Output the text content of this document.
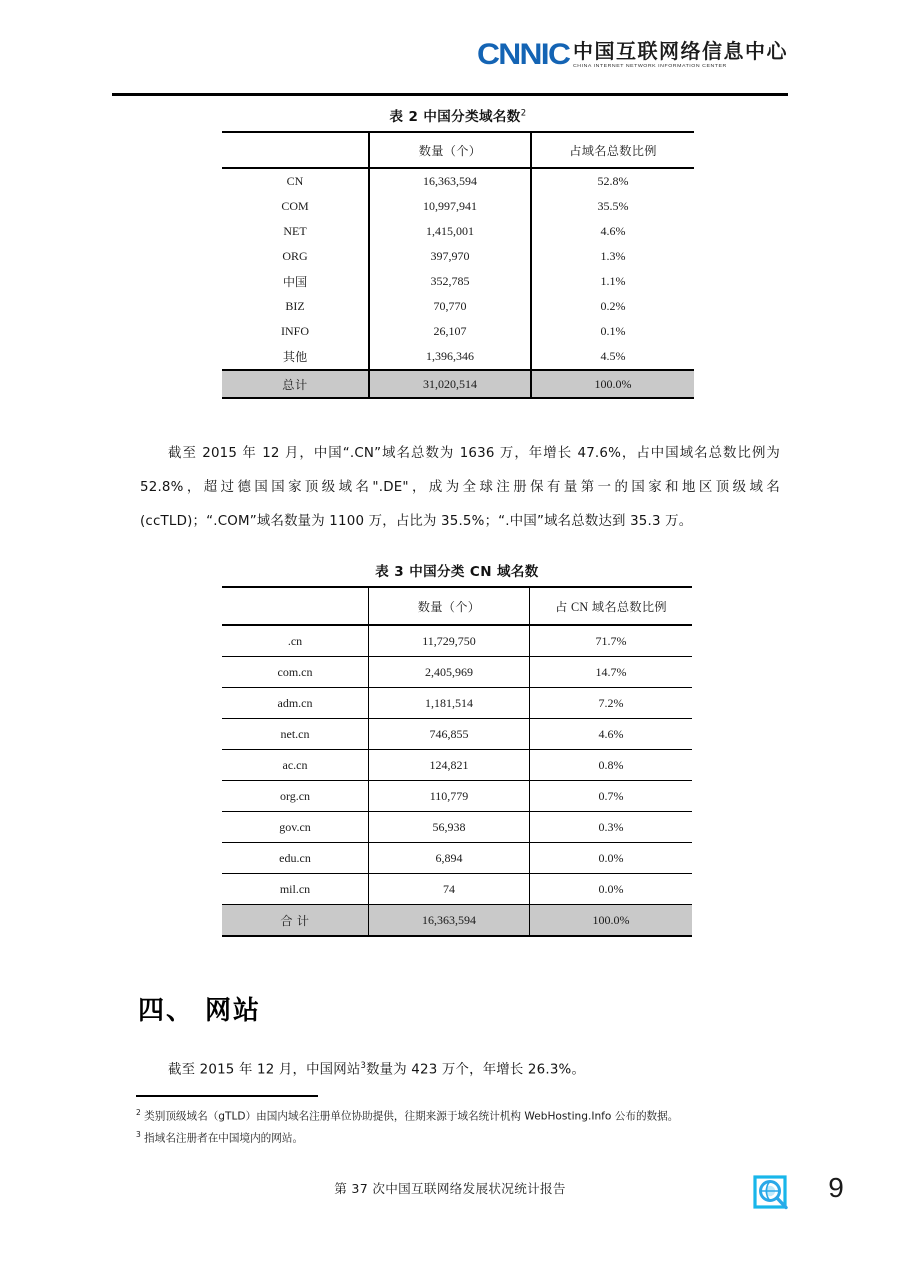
CNNIC 中国互联网络信息中心
CHINA INTERNET NETWORK INFORMATION CENTER
表 2 中国分类域名数$^2$
	数量（个）	占域名总数比例
CN	16,363,594	52.8%
COM	10,997,941	35.5%
NET	1,415,001	4.6%
ORG	397,970	1.3%
中国	352,785	1.1%
BIZ	70,770	0.2%
INFO	26,107	0.1%
其他	1,396,346	4.5%
总计	31,020,514	100.0%

截至 2015 年 12 月，中国“.CN”域名总数为 1636 万，年增长 47.6%，占中国域名总数比例为 52.8%，超过德国国家顶级域名".DE"，成为全球注册保有量第一的国家和地区顶级域名(ccTLD)；“.COM”域名数量为 1100 万，占比为 35.5%；“.中国”域名总数达到 35.3 万。

表 3 中国分类 CN 域名数
	数量（个）	占 CN 域名总数比例
.cn	11,729,750	71.7%
com.cn	2,405,969	14.7%
adm.cn	1,181,514	7.2%
net.cn	746,855	4.6%
ac.cn	124,821	0.8%
org.cn	110,779	0.7%
gov.cn	56,938	0.3%
edu.cn	6,894	0.0%
mil.cn	74	0.0%
合 计	16,363,594	100.0%
四、 网站

截至 2015 年 12 月，中国网站$^3$数量为 423 万个，年增长 26.3%。

$^2$ 类别顶级域名（gTLD）由国内域名注册单位协助提供，往期来源于域名统计机构 WebHosting.Info 公布的数据。

$^3$ 指域名注册者在中国境内的网站。

第 37 次中国互联网络发展状况统计报告	9
